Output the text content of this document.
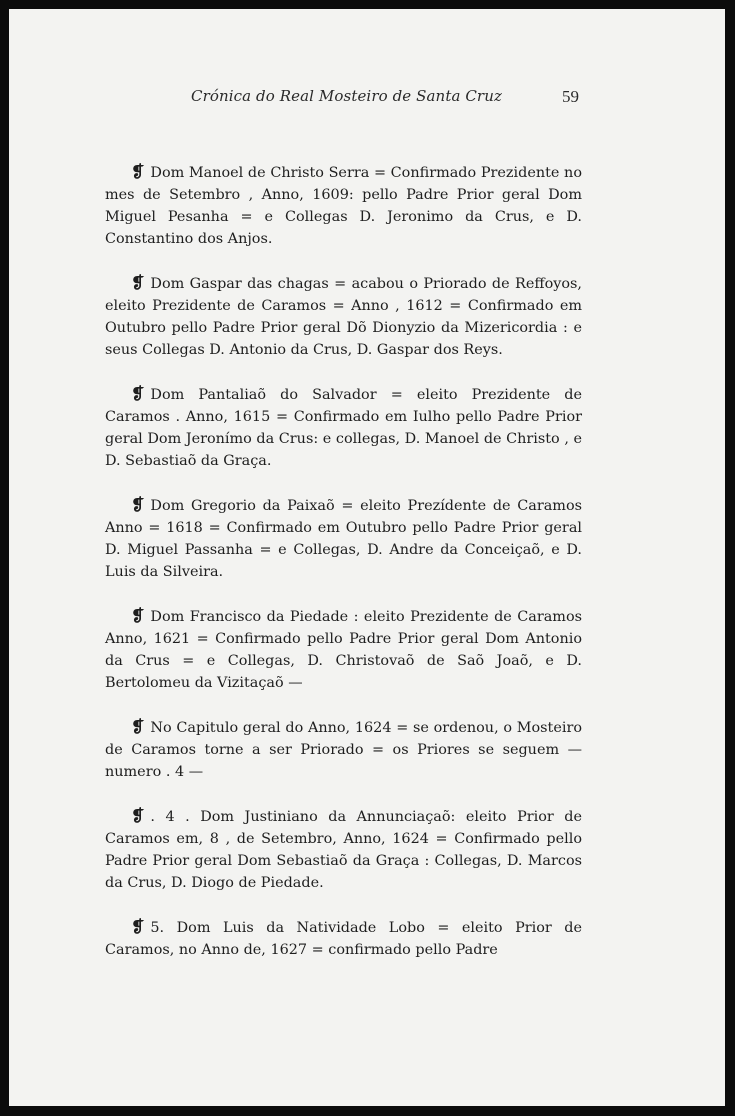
Crónica do Real Mosteiro de Santa Cruz	59

❡ Dom Manoel de Christo Serra = Confirmado Prezidente no mes de Setembro , Anno, 1609: pello Padre Prior geral Dom Miguel Pesanha = e Collegas D. Jeronimo da Crus, e D. Constantino dos Anjos.

❡ Dom Gaspar das chagas = acabou o Priorado de Reffoyos, eleito Prezidente de Caramos = Anno , 1612 = Confirmado em Outubro pello Padre Prior geral Dõ Dionyzio da Mizericordia : e seus Collegas D. Antonio da Crus, D. Gaspar dos Reys.

❡ Dom Pantaliaõ do Salvador = eleito Prezidente de Caramos . Anno, 1615 = Confirmado em Iulho pello Padre Prior geral Dom Jeronímo da Crus: e collegas, D. Manoel de Christo , e D. Sebastiaõ da Graça.

❡ Dom Gregorio da Paixaõ = eleito Prezídente de Caramos Anno = 1618 = Confirmado em Outubro pello Padre Prior geral D. Miguel Passanha = e Collegas, D. Andre da Conceiçaõ, e D. Luis da Silveira.

❡ Dom Francisco da Piedade : eleito Prezidente de Caramos Anno, 1621 = Confirmado pello Padre Prior geral Dom Antonio da Crus = e Collegas, D. Christovaõ de Saõ Joaõ, e D. Bertolomeu da Vizitaçaõ —

❡ No Capitulo geral do Anno, 1624 = se ordenou, o Mosteiro de Caramos torne a ser Priorado = os Priores se seguem — numero . 4 —

❡ . 4 . Dom Justiniano da Annunciaçaõ: eleito Prior de Caramos em, 8 , de Setembro, Anno, 1624 = Confirmado pello Padre Prior geral Dom Sebastiaõ da Graça : Collegas, D. Marcos da Crus, D. Diogo de Piedade.

❡ 5. Dom Luis da Natividade Lobo = eleito Prior de Caramos, no Anno de, 1627 = confirmado pello Padre
